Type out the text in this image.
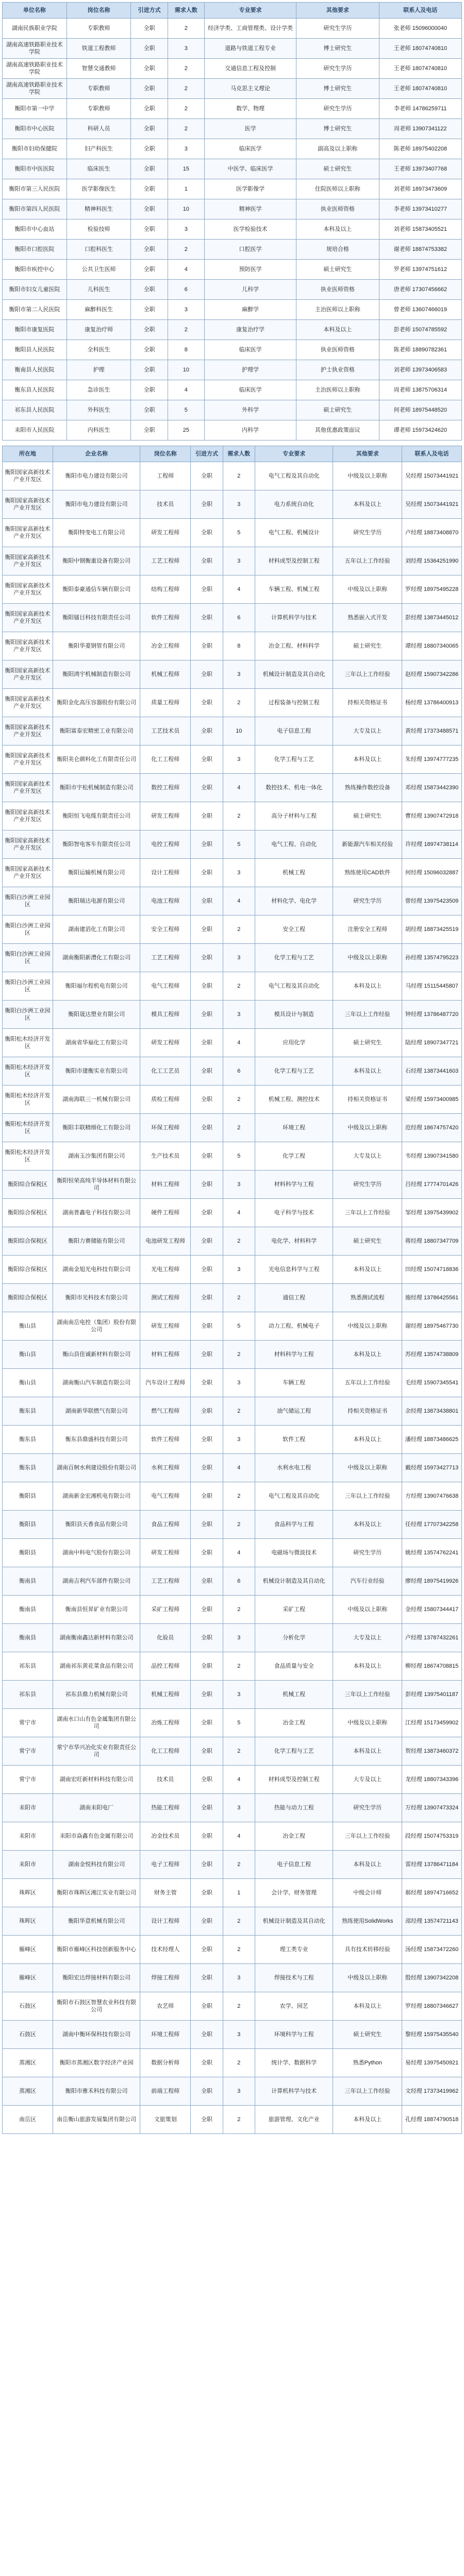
单位名称	岗位名称	引进方式	需求人数	专业要求	其他要求	联系人及电话
湖南民族职业学院	专职教师	全职	2	经济学类、工商管理类、设计学类	研究生学历	张老师 15096000040
湖南高速铁路职业技术学院	铁道工程教师	全职	3	道路与铁道工程专业	博士研究生	王老师 18074740810
湖南高速铁路职业技术学院	智慧交通教师	全职	2	交通信息工程及控制	研究生学历	王老师 18074740810
湖南高速铁路职业技术学院	专职教师	全职	2	马克思主义理论	博士研究生	王老师 18074740810
衡阳市第一中学	专职教师	全职	2	数学、物理	研究生学历	李老师 14786259711
衡阳市中心医院	科研人员	全职	2	医学	博士研究生	周老师 13907341122
衡阳市妇幼保健院	妇产科医生	全职	3	临床医学	副高及以上职称	陈老师 18975402208
衡阳市中医医院	临床医生	全职	15	中医学、临床医学	硕士研究生	王老师 13973407768
衡阳市第三人民医院	医学影像医生	全职	1	医学影像学	住院医师以上职称	刘老师 18973473609
衡阳市第四人民医院	精神科医生	全职	10	精神医学	执业医师资格	李老师 13973410277
衡阳市中心血站	检验技师	全职	3	医学检验技术	本科及以上	刘老师 15873405521
衡阳市口腔医院	口腔科医生	全职	2	口腔医学	规培合格	谢老师 18874753382
衡阳市疾控中心	公共卫生医师	全职	4	预防医学	硕士研究生	罗老师 13974751612
衡阳市妇女儿童医院	儿科医生	全职	6	儿科学	执业医师资格	唐老师 17307456662
衡阳市第二人民医院	麻醉科医生	全职	3	麻醉学	主治医师以上职称	曾老师 13607466019
衡阳市康复医院	康复治疗师	全职	2	康复治疗学	本科及以上	彭老师 15074785592
衡阳县人民医院	全科医生	全职	8	临床医学	执业医师资格	陈老师 18890782361
衡南县人民医院	护理	全职	10	护理学	护士执业资格	刘老师 13973406583
衡东县人民医院	急诊医生	全职	4	临床医学	主治医师以上职称	周老师 13875706314
祁东县人民医院	外科医生	全职	5	外科学	硕士研究生	何老师 18975448520
耒阳市人民医院	内科医生	全职	25	内科学	其他优惠政策面议	谭老师 15973424620
所在地	企业名称	岗位名称	引进方式	需求人数	专业要求	其他要求	联系人及电话
衡阳国家高新技术产业开发区	衡阳市电力建设有限公司	工程师	全职	2	电气工程及其自动化	中级及以上职称	吴经理 15073441921
衡阳国家高新技术产业开发区	衡阳市电力建设有限公司	技术员	全职	3	电力系统自动化	本科及以上	吴经理 15073441921
衡阳国家高新技术产业开发区	衡阳特变电工有限公司	研发工程师	全职	5	电气工程、机械设计	研究生学历	卢经理 18873408870
衡阳国家高新技术产业开发区	衡阳中钢衡重设备有限公司	工艺工程师	全职	3	材料成型及控制工程	五年以上工作经验	刘经理 15364251990
衡阳国家高新技术产业开发区	衡阳泰豪通信车辆有限公司	结构工程师	全职	4	车辆工程、机械工程	中级及以上职称	罗经理 18975495228
衡阳国家高新技术产业开发区	衡阳镭目科技有限责任公司	软件工程师	全职	6	计算机科学与技术	熟悉嵌入式开发	彭经理 13873445012
衡阳国家高新技术产业开发区	衡阳华菱钢管有限公司	冶金工程师	全职	8	冶金工程、材料科学	硕士研究生	谭经理 18807340065
衡阳国家高新技术产业开发区	衡阳鸿宇机械制造有限公司	机械工程师	全职	3	机械设计制造及其自动化	三年以上工作经验	赵经理 15907342286
衡阳国家高新技术产业开发区	衡阳金化高压容器股份有限公司	质量工程师	全职	2	过程装备与控制工程	持相关资格证书	杨经理 13786400913
衡阳国家高新技术产业开发区	衡阳富泰宏精密工业有限公司	工艺技术员	全职	10	电子信息工程	大专及以上	黄经理 17373488571
衡阳国家高新技术产业开发区	衡阳美仑颜料化工有限责任公司	化工工程师	全职	3	化学工程与工艺	本科及以上	朱经理 13974777235
衡阳国家高新技术产业开发区	衡阳市宇松机械制造有限公司	数控工程师	全职	4	数控技术、机电一体化	熟练操作数控设备	邓经理 15873442390
衡阳国家高新技术产业开发区	衡阳恒飞电缆有限责任公司	研发工程师	全职	2	高分子材料与工程	硕士研究生	曹经理 13907472918
衡阳国家高新技术产业开发区	衡阳智电客车有限责任公司	电控工程师	全职	5	电气工程、自动化	新能源汽车相关经验	许经理 18974738114
衡阳国家高新技术产业开发区	衡阳运输机械有限公司	设计工程师	全职	3	机械工程	熟练使用CAD软件	何经理 15096032887
衡阳白沙洲工业园区	衡阳瑞达电源有限公司	电池工程师	全职	4	材料化学、电化学	研究生学历	曾经理 13975423509
衡阳白沙洲工业园区	湖南建滔化工有限公司	安全工程师	全职	2	安全工程	注册安全工程师	胡经理 18873425519
衡阳白沙洲工业园区	湖南衡阳新澧化工有限公司	工艺工程师	全职	3	化学工程与工艺	中级及以上职称	孙经理 13574795223
衡阳白沙洲工业园区	衡阳福尔程机电有限公司	电气工程师	全职	2	电气工程及其自动化	本科及以上	马经理 15115445807
衡阳白沙洲工业园区	衡阳晟达塑业有限公司	模具工程师	全职	3	模具设计与制造	三年以上工作经验	钟经理 13786487720
衡阳松木经济开发区	湖南省华福化工有限公司	研发工程师	全职	4	应用化学	硕士研究生	陆经理 18907347721
衡阳松木经济开发区	衡阳市建衡实业有限公司	化工工艺员	全职	6	化学工程与工艺	本科及以上	石经理 13873441603
衡阳松木经济开发区	湖南海联三一机械有限公司	质检工程师	全职	2	机械工程、测控技术	持相关资格证书	梁经理 15973400985
衡阳松木经济开发区	衡阳丰联精细化工有限公司	环保工程师	全职	2	环境工程	中级及以上职称	范经理 18674757420
衡阳松木经济开发区	湖南玉沙集团有限公司	生产技术员	全职	5	化学工程	大专及以上	韦经理 13907341580
衡阳综合保税区	衡阳恒荣高纯半导体材料有限公司	材料工程师	全职	3	材料科学与工程	研究生学历	吕经理 17774701426
衡阳综合保税区	湖南普鑫电子科技有限公司	硬件工程师	全职	4	电子科学与技术	三年以上工作经验	邹经理 13975439902
衡阳综合保税区	衡阳力赛储能有限公司	电池研发工程师	全职	2	电化学、材料科学	硕士研究生	蒋经理 18807347709
衡阳综合保税区	湖南金旭光电科技有限公司	光电工程师	全职	3	光电信息科学与工程	本科及以上	田经理 15074718836
衡阳综合保税区	衡阳市光科技术有限公司	测试工程师	全职	2	通信工程	熟悉测试流程	施经理 13786425561
衡山县	湖南南岳电控（集团）股份有限公司	研发工程师	全职	5	动力工程、机械电子	中级及以上职称	谢经理 18975467730
衡山县	衡山县佳诚新材料有限公司	材料工程师	全职	2	材料科学与工程	本科及以上	苏经理 13574738809
衡山县	湖南衡山汽车制造有限公司	汽车设计工程师	全职	3	车辆工程	五年以上工作经验	毛经理 15907345541
衡东县	湖南新华联燃气有限公司	燃气工程师	全职	2	油气储运工程	持相关资格证书	余经理 13873438801
衡东县	衡东县鼎盛科技有限公司	软件工程师	全职	3	软件工程	本科及以上	潘经理 18873486625
衡东县	湖南百舸水利建设股份有限公司	水利工程师	全职	4	水利水电工程	中级及以上职称	戴经理 15973427713
衡阳县	湖南新金宏湘机电有限公司	电气工程师	全职	2	电气工程及其自动化	三年以上工作经验	方经理 13907476638
衡阳县	衡阳县天香食品有限公司	食品工程师	全职	2	食品科学与工程	本科及以上	任经理 17707342258
衡阳县	湖南中科电气股份有限公司	研发工程师	全职	4	电磁场与微波技术	研究生学历	姚经理 13574762241
衡南县	湖南吉利汽车部件有限公司	工艺工程师	全职	6	机械设计制造及其自动化	汽车行业经验	廖经理 18975419926
衡南县	衡南县恒昇矿业有限公司	采矿工程师	全职	2	采矿工程	中级及以上职称	金经理 15807344417
衡南县	湖南衡南鑫达新材料有限公司	化验员	全职	3	分析化学	大专及以上	卢经理 13787432261
祁东县	湖南祁东黄花菜食品有限公司	品控工程师	全职	2	食品质量与安全	本科及以上	柳经理 18674708815
祁东县	祁东县鼎力机械有限公司	机械工程师	全职	3	机械工程	三年以上工作经验	彭经理 13975401187
常宁市	湖南水口山有色金属集团有限公司	冶炼工程师	全职	5	冶金工程	中级及以上职称	江经理 15173459902
常宁市	常宁市华兴冶化实业有限责任公司	化工工程师	全职	2	化学工程与工艺	本科及以上	贺经理 13873460372
常宁市	湖南宏旺新材料科技有限公司	技术员	全职	4	材料成型及控制工程	大专及以上	龙经理 18807343396
耒阳市	湖南耒阳电厂	热能工程师	全职	3	热能与动力工程	研究生学历	万经理 13907473324
耒阳市	耒阳市焱鑫有色金属有限公司	冶金技术员	全职	4	冶金工程	三年以上工作经验	段经理 15074753319
耒阳市	湖南金悦科技有限公司	电子工程师	全职	2	电子信息工程	本科及以上	雷经理 13786471184
珠晖区	衡阳市珠晖区湘江实业有限公司	财务主管	全职	1	会计学、财务管理	中级会计师	郝经理 18974716652
珠晖区	衡阳华意机械有限公司	设计工程师	全职	2	机械设计制造及其自动化	熟练使用SolidWorks	邵经理 13574721143
雁峰区	衡阳市雁峰区科技创新服务中心	技术经理人	全职	2	理工类专业	具有技术转移经验	汤经理 15873472260
雁峰区	衡阳宏达焊接材料有限公司	焊接工程师	全职	3	焊接技术与工程	中级及以上职称	殷经理 13907342208
石鼓区	衡阳市石鼓区智慧农业科技有限公司	农艺师	全职	2	农学、园艺	本科及以上	罗经理 18807346627
石鼓区	湖南中衡环保科技有限公司	环境工程师	全职	3	环境科学与工程	硕士研究生	黎经理 15975435540
蒸湘区	衡阳市蒸湘区数字经济产业园	数据分析师	全职	2	统计学、数据科学	熟悉Python	易经理 13975450921
蒸湘区	衡阳市雅禾科技有限公司	前端工程师	全职	3	计算机科学与技术	三年以上工作经验	文经理 17373419962
南岳区	南岳衡山旅游发展集团有限公司	文旅策划	全职	2	旅游管理、文化产业	本科及以上	孔经理 18874790518
